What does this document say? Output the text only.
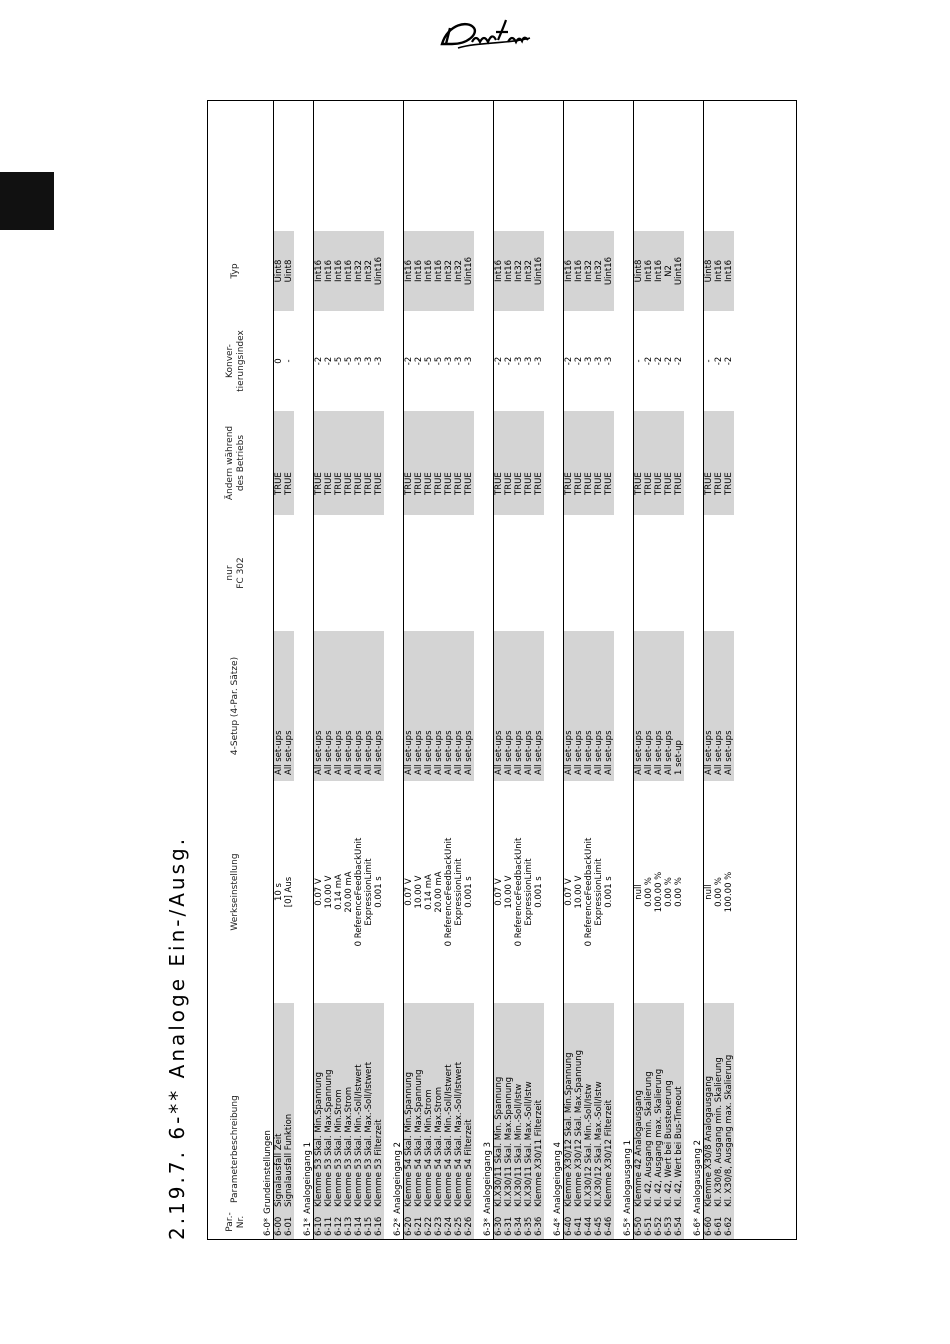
2.19.7. 6-** Analoge Ein-/Ausg.
Par.-Nr.
Parameterbeschreibung
Werkseinstellung
4-Setup (4-Par. Sätze)
nur FC 302
Ändern während des Betriebs
Konver- tierungsindex
Typ
6-0*
Grundeinstellungen
6-00
Signalausfall Zeit
10 s
All set-ups
TRUE
0
Uint8
6-01
Signalausfall Funktion
[0] Aus
All set-ups
TRUE
-
Uint8
6-1*
Analogeingang 1
6-10
Klemme 53 Skal. Min.Spannung
0.07 V
All set-ups
TRUE
-2
Int16
6-11
Klemme 53 Skal. Max.Spannung
10.00 V
All set-ups
TRUE
-2
Int16
6-12
Klemme 53 Skal. Min.Strom
0.14 mA
All set-ups
TRUE
-5
Int16
6-13
Klemme 53 Skal. Max.Strom
20.00 mA
All set-ups
TRUE
-5
Int16
6-14
Klemme 53 Skal. Min.-Soll/Istwert
0 ReferenceFeedbackUnit
All set-ups
TRUE
-3
Int32
6-15
Klemme 53 Skal. Max.-Soll/Istwert
ExpressionLimit
All set-ups
TRUE
-3
Int32
6-16
Klemme 53 Filterzeit
0.001 s
All set-ups
TRUE
-3
Uint16
6-2*
Analogeingang 2
6-20
Klemme 54 Skal. Min.Spannung
0.07 V
All set-ups
TRUE
-2
Int16
6-21
Klemme 54 Skal. Max.Spannung
10.00 V
All set-ups
TRUE
-2
Int16
6-22
Klemme 54 Skal. Min.Strom
0.14 mA
All set-ups
TRUE
-5
Int16
6-23
Klemme 54 Skal. Max.Strom
20.00 mA
All set-ups
TRUE
-5
Int16
6-24
Klemme 54 Skal. Min.-Soll/Istwert
0 ReferenceFeedbackUnit
All set-ups
TRUE
-3
Int32
6-25
Klemme 54 Skal. Max.-Soll/Istwert
ExpressionLimit
All set-ups
TRUE
-3
Int32
6-26
Klemme 54 Filterzeit
0.001 s
All set-ups
TRUE
-3
Uint16
6-3*
Analogeingang 3
6-30
Kl.X30/11 Skal. Min. Spannung
0.07 V
All set-ups
TRUE
-2
Int16
6-31
Kl.X30/11 Skal. Max.Spannung
10.00 V
All set-ups
TRUE
-2
Int16
6-34
Kl.X30/11 Skal. Min.-Soll/Istw
0 ReferenceFeedbackUnit
All set-ups
TRUE
-3
Int32
6-35
Kl.X30/11 Skal. Max.-Soll/Istw
ExpressionLimit
All set-ups
TRUE
-3
Int32
6-36
Klemme X30/11 Filterzeit
0.001 s
All set-ups
TRUE
-3
Uint16
6-4*
Analogeingang 4
6-40
Klemme X30/12 Skal. Min.Spannung
0.07 V
All set-ups
TRUE
-2
Int16
6-41
Klemme X30/12 Skal. Max.Spannung
10.00 V
All set-ups
TRUE
-2
Int16
6-44
Kl.X30/12 Skal. Min.-Soll/Istw
0 ReferenceFeedbackUnit
All set-ups
TRUE
-3
Int32
6-45
Kl.X30/12 Skal. Max.-Soll/Istw
ExpressionLimit
All set-ups
TRUE
-3
Int32
6-46
Klemme X30/12 Filterzeit
0.001 s
All set-ups
TRUE
-3
Uint16
6-5*
Analogausgang 1
6-50
Klemme 42 Analogausgang
null
All set-ups
TRUE
-
Uint8
6-51
Kl. 42, Ausgang min. Skalierung
0.00 %
All set-ups
TRUE
-2
Int16
6-52
Kl. 42, Ausgang max. Skalierung
100.00 %
All set-ups
TRUE
-2
Int16
6-53
Kl. 42, Wert bei Bussteuerung
0.00 %
All set-ups
TRUE
-2
N2
6-54
Kl. 42, Wert bei Bus-Timeout
0.00 %
1 set-up
TRUE
-2
Uint16
6-6*
Analogausgang 2
6-60
Klemme X30/8 Analogausgang
null
All set-ups
TRUE
-
Uint8
6-61
Kl. X30/8, Ausgang min. Skalierung
0.00 %
All set-ups
TRUE
-2
Int16
6-62
Kl. X30/8, Ausgang max. Skalierung
100.00 %
All set-ups
TRUE
-2
Int16
